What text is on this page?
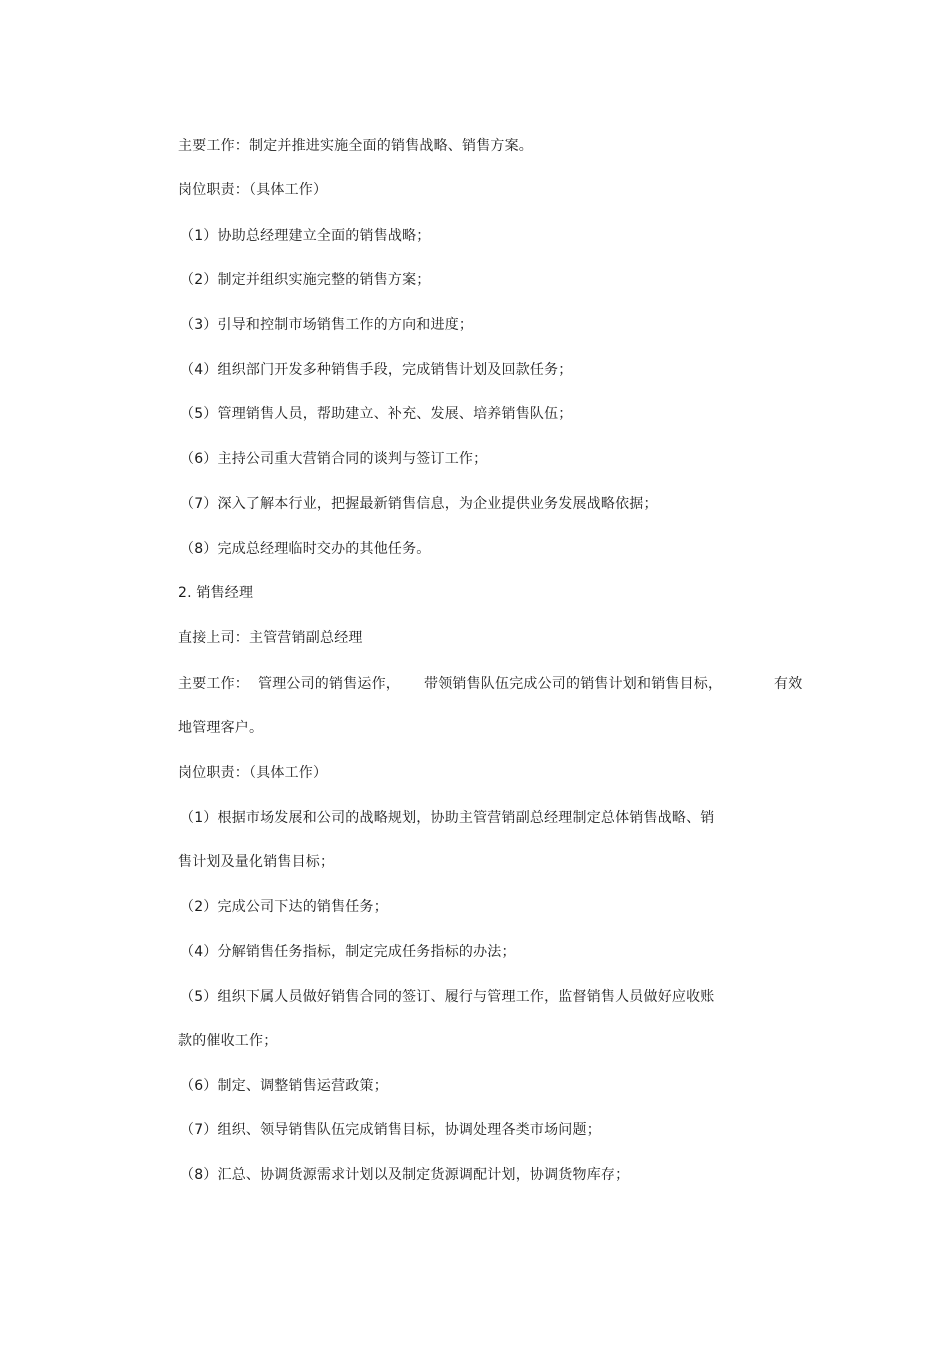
主要工作：制定并推进实施全面的销售战略、销售方案。
岗位职责：（具体工作）
（1）协助总经理建立全面的销售战略；
（2）制定并组织实施完整的销售方案；
（3）引导和控制市场销售工作的方向和进度；
（4）组织部门开发多种销售手段，完成销售计划及回款任务；
（5）管理销售人员，帮助建立、补充、发展、培养销售队伍；
（6）主持公司重大营销合同的谈判与签订工作；
（7）深入了解本行业，把握最新销售信息，为企业提供业务发展战略依据；
（8）完成总经理临时交办的其他任务。
2. 销售经理
直接上司：主管营销副总经理
主要工作： 管理公司的销售运作， 带领销售队伍完成公司的销售计划和销售目标，	有效
地管理客户。
岗位职责：（具体工作）
（1）根据市场发展和公司的战略规划，协助主管营销副总经理制定总体销售战略、销
售计划及量化销售目标；
（2）完成公司下达的销售任务；
（4）分解销售任务指标，制定完成任务指标的办法；
（5）组织下属人员做好销售合同的签订、履行与管理工作，监督销售人员做好应收账
款的催收工作；
（6）制定、调整销售运营政策；
（7）组织、领导销售队伍完成销售目标，协调处理各类市场问题；
（8）汇总、协调货源需求计划以及制定货源调配计划，协调货物库存；
